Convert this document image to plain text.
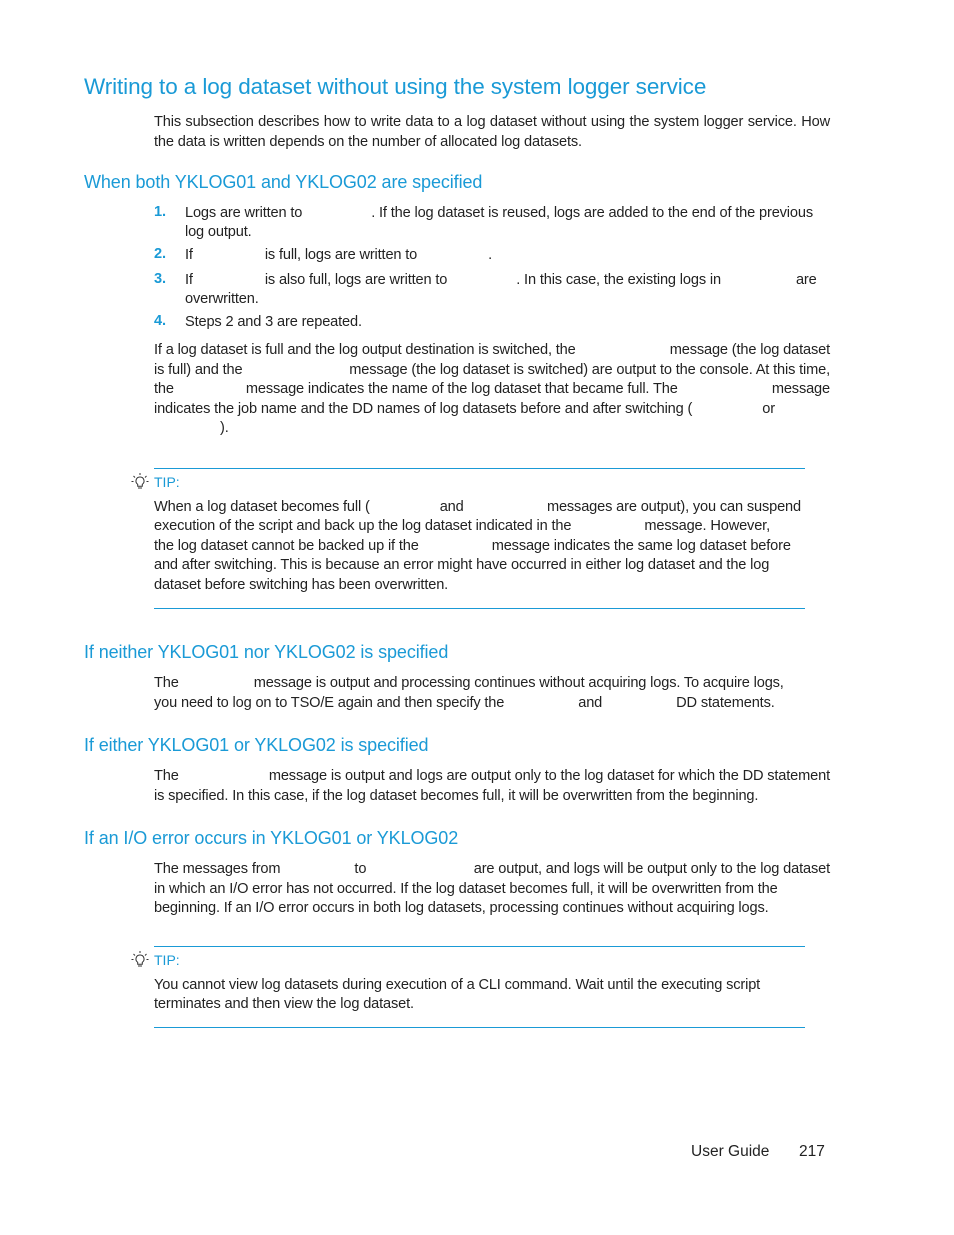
Writing to a log dataset without using the system logger service
This subsection describes how to write data to a log dataset without using the system logger service. How the data is written depends on the number of allocated log datasets.
When both YKLOG01 and YKLOG02 are specified
1. Logs are written to	. If the log dataset is reused, logs are added to the end of the previous log output.
2. If	is full, logs are written to	.
3. If	is also full, logs are written to	. In this case, the existing logs in	are overwritten.
4. Steps 2 and 3 are repeated.
If a log dataset is full and the log output destination is switched, the	message (the log dataset
is full) and the	message (the log dataset is switched) are output to the console. At this time,
the	message indicates the name of the log dataset that became full. The	message
indicates the job name and the DD names of log datasets before and after switching (	or
).
TIP:
When a log dataset becomes full (	and	messages are output), you can suspend
execution of the script and back up the log dataset indicated in the	message. However,
the log dataset cannot be backed up if the	message indicates the same log dataset before
and after switching. This is because an error might have occurred in either log dataset and the log
dataset before switching has been overwritten.
If neither YKLOG01 nor YKLOG02 is specified
The	message is output and processing continues without acquiring logs. To acquire logs,
you need to log on to TSO/E again and then specify the	and	DD statements.
If either YKLOG01 or YKLOG02 is specified
The	message is output and logs are output only to the log dataset for which the DD statement
is specified. In this case, if the log dataset becomes full, it will be overwritten from the beginning.
If an I/O error occurs in YKLOG01 or YKLOG02
The messages from	to	are output, and logs will be output only to the log dataset
in which an I/O error has not occurred. If the log dataset becomes full, it will be overwritten from the
beginning. If an I/O error occurs in both log datasets, processing continues without acquiring logs.
TIP:
You cannot view log datasets during execution of a CLI command. Wait until the executing script
terminates and then view the log dataset.
User Guide 217
